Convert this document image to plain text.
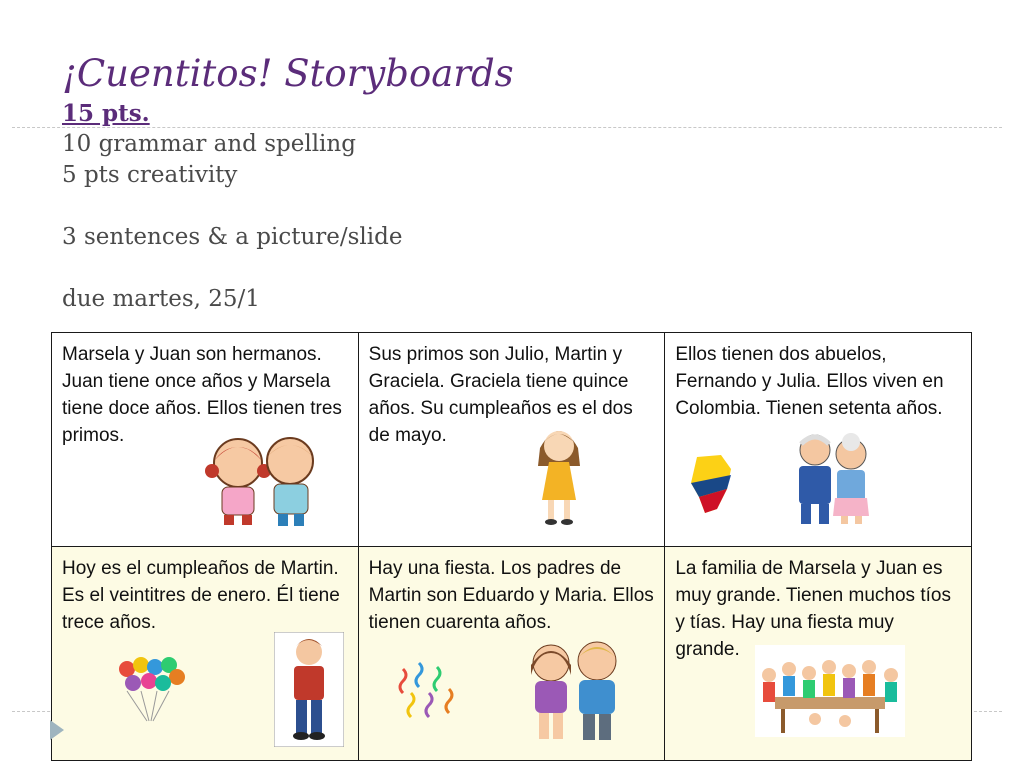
¡Cuentitos! Storyboards
15 pts.
10 grammar and spelling
5 pts creativity
3 sentences & a picture/slide
due martes, 25/1
Marsela y Juan son hermanos. Juan tiene once años y Marsela tiene doce años. Ellos tienen tres primos.	Sus primos son Julio, Martin y Graciela. Graciela tiene quince años. Su cumpleaños es el dos de mayo.	Ellos tienen dos abuelos, Fernando y Julia. Ellos viven en Colombia. Tienen setenta años.

Hoy es el cumpleaños de Martin. Es el veintitres de enero. Él tiene trece años.	Hay una fiesta. Los padres de Martin son Eduardo y Maria. Ellos tienen cuarenta años.	La familia de Marsela y Juan es muy grande. Tienen muchos tíos y tías. Hay una fiesta muy grande.
